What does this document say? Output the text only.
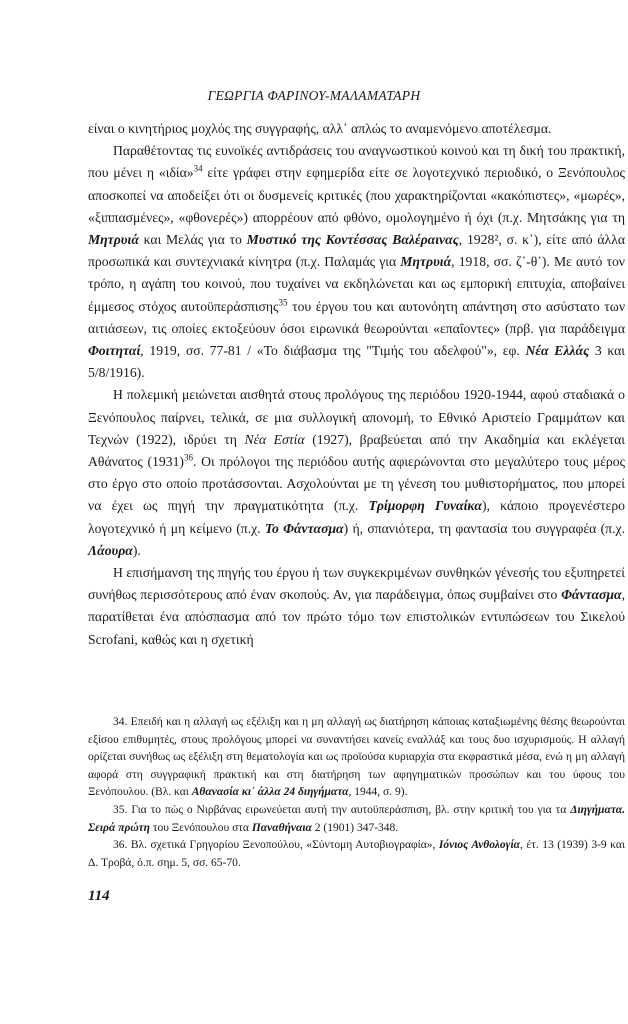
ΓΕΩΡΓΙΑ ΦΑΡΙΝΟΥ-ΜΑΛΑΜΑΤΑΡΗ

είναι ο κινητήριος μοχλός της συγγραφής, αλλ᾽ απλώς το αναμενόμενο αποτέλεσμα.

Παραθέτοντας τις ευνοϊκές αντιδράσεις του αναγνωστικού κοινού και τη δική του πρακτική, που μένει η «ιδία»$^{34}$ είτε γράφει στην εφημερίδα είτε σε λογοτεχνικό περιοδικό, ο Ξενόπουλος αποσκοπεί να αποδείξει ότι οι δυσμενείς κριτικές (που χαρακτηρίζονται «κακόπιστες», «μωρές», «ξιππασμένες», «φθονερές») απορρέουν από φθόνο, ομολογημένο ή όχι (π.χ. Μητσάκης για τη Μητρυιά και Μελάς για το Μυστικό της Κοντέσσας Βαλέραινας, 1928², σ. κ᾽), είτε από άλλα προσωπικά και συντεχνιακά κίνητρα (π.χ. Παλαμάς για Μητρυιά, 1918, σσ. ζ᾽-θ᾽). Με αυτό τον τρόπο, η αγάπη του κοινού, που τυχαίνει να εκδηλώνεται και ως εμπορική επιτυχία, αποβαίνει έμμεσος στόχος αυτοϋπεράσπισης$^{35}$ του έργου του και αυτονόητη απάντηση στο ασύστατο των αιτιάσεων, τις οποίες εκτοξεύουν όσοι ειρωνικά θεωρούνται «επαΐοντες» (πρβ. για παράδειγμα Φοιτηταί, 1919, σσ. 77-81 / «Το διάβασμα της "Τιμής του αδελφού"», εφ. Νέα Ελλάς 3 και 5/8/1916).

Η πολεμική μειώνεται αισθητά στους προλόγους της περιόδου 1920-1944, αφού σταδιακά ο Ξενόπουλος παίρνει, τελικά, σε μια συλλογική απονομή, το Εθνικό Αριστείο Γραμμάτων και Τεχνών (1922), ιδρύει τη Νέα Εστία (1927), βραβεύεται από την Ακαδημία και εκλέγεται Αθάνατος (1931)$^{36}$. Οι πρόλογοι της περιόδου αυτής αφιερώνονται στο μεγαλύτερο τους μέρος στο έργο στο οποίο προτάσσονται. Ασχολούνται με τη γένεση του μυθιστορήματος, που μπορεί να έχει ως πηγή την πραγματικότητα (π.χ. Τρίμορφη Γυναίκα), κάποιο προγενέστερο λογοτεχνικό ή μη κείμενο (π.χ. Το Φάντασμα) ή, σπανιότερα, τη φαντασία του συγγραφέα (π.χ. Λάουρα).

Η επισήμανση της πηγής του έργου ή των συγκεκριμένων συνθηκών γένεσής του εξυπηρετεί συνήθως περισσότερους από έναν σκοπούς. Αν, για παράδειγμα, όπως συμβαίνει στο Φάντασμα, παρατίθεται ένα απόσπασμα από τον πρώτο τόμο των επιστολικών εντυπώσεων του Σικελού Scrofani, καθώς και η σχετική

34. Επειδή και η αλλαγή ως εξέλιξη και η μη αλλαγή ως διατήρηση κάποιας καταξιωμένης θέσης θεωρούνται εξίσου επιθυμητές, στους προλόγους μπορεί να συναντήσει κανείς εναλλάξ και τους δυο ισχυρισμούς. Η αλλαγή ορίζεται συνήθως ως εξέλιξη στη θεματολογία και ως προϊούσα κυριαρχία στα εκφραστικά μέσα, ενώ η μη αλλαγή αφορά στη συγγραφική πρακτική και στη διατήρηση των αφηγηματικών προσώπων και του ύφους του Ξενόπουλου. (Βλ. και Αθανασία κι᾽ άλλα 24 διηγήματα, 1944, σ. 9).

35. Για το πώς ο Νιρβάνας ειρωνεύεται αυτή την αυτοϋπεράσπιση, βλ. στην κριτική του για τα Διηγήματα. Σειρά πρώτη του Ξενόπουλου στα Παναθήναια 2 (1901) 347-348.

36. Βλ. σχετικά Γρηγορίου Ξενοπούλου, «Σύντομη Αυτοβιογραφία», Ιόνιος Ανθολογία, έτ. 13 (1939) 3-9 και Δ. Τροβά, ό.π. σημ. 5, σσ. 65-70.

114
